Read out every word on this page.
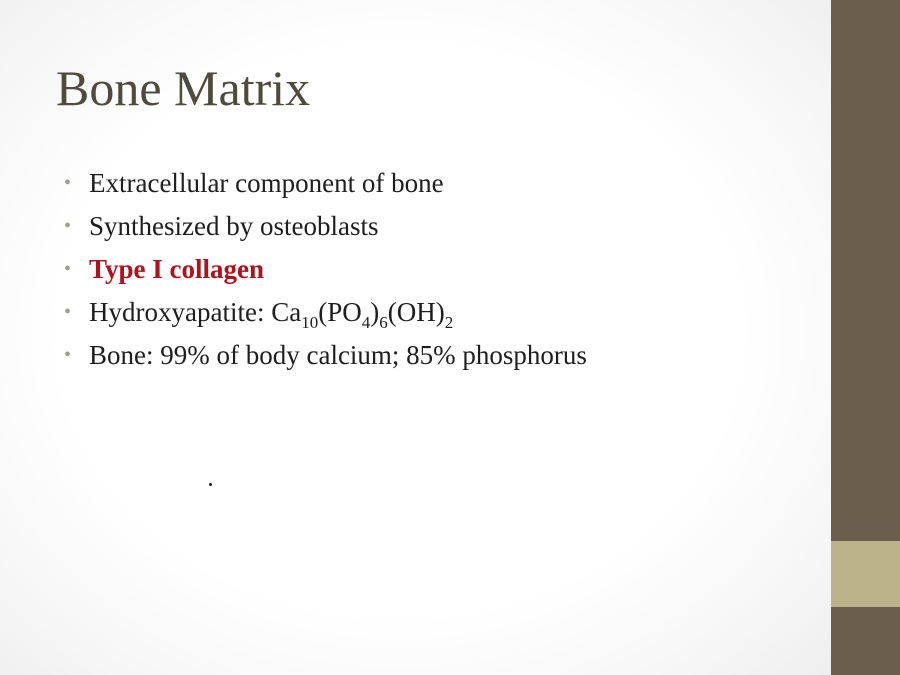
Bone Matrix
• Extracellular component of bone
• Synthesized by osteoblasts
• Type I collagen
• Hydroxyapatite: $Ca_{10}(PO_4)_6(OH)_2$
• Bone: 99% of body calcium; 85% phosphorus
